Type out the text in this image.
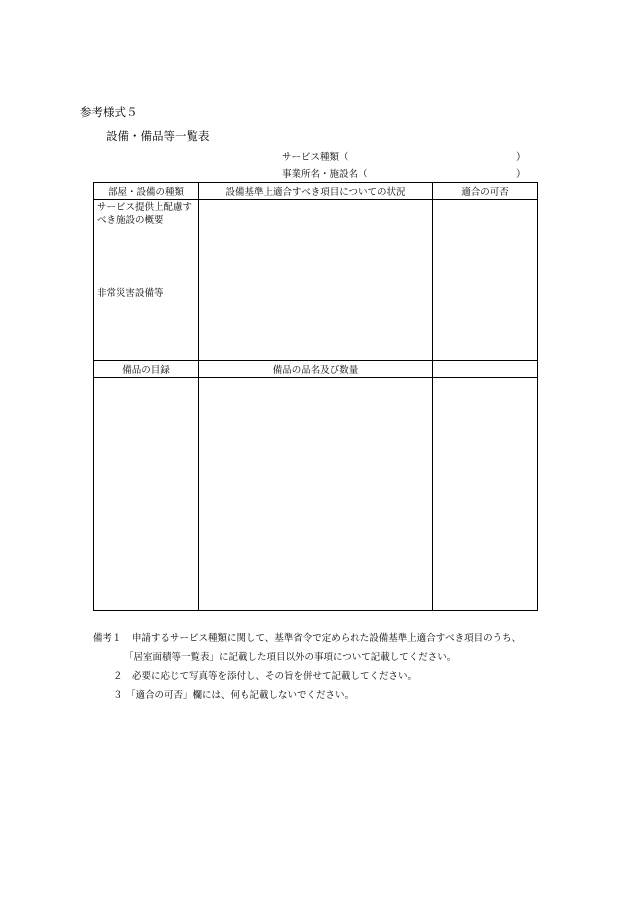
参考様式５
設備・備品等一覧表
サービス種類（	）
事業所名・施設名（	）
部屋・設備の種類	設備基準上適合すべき項目についての状況	適合の可否

サービス提供上配慮すべき施設の概要
非常災害設備等		

備品の目録	備品の品名及び数量	

備考１ 申請するサービス種類に関して、基準省令で定められた設備基準上適合すべき項目のうち、
「居室面積等一覧表」に記載した項目以外の事項について記載してください。
２ 必要に応じて写真等を添付し、その旨を併せて記載してください。
３ 「適合の可否」欄には、何も記載しないでください。
